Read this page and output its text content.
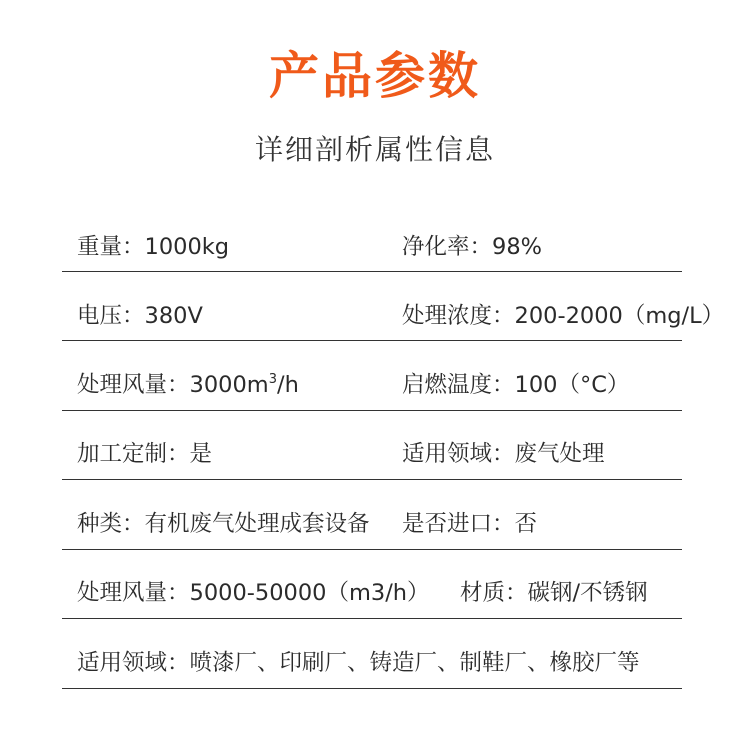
产品参数
详细剖析属性信息
重量：1000kg	净化率：98%
电压：380V	处理浓度：200-2000（mg/L）
处理风量：$3000m^3/h$	启燃温度：100（°C）
加工定制：是	适用领域：废气处理
种类：有机废气处理成套设备 是否进口：否
处理风量：5000-50000（m3/h） 材质：碳钢/不锈钢
适用领域：喷漆厂、印刷厂、铸造厂、制鞋厂、橡胶厂等
